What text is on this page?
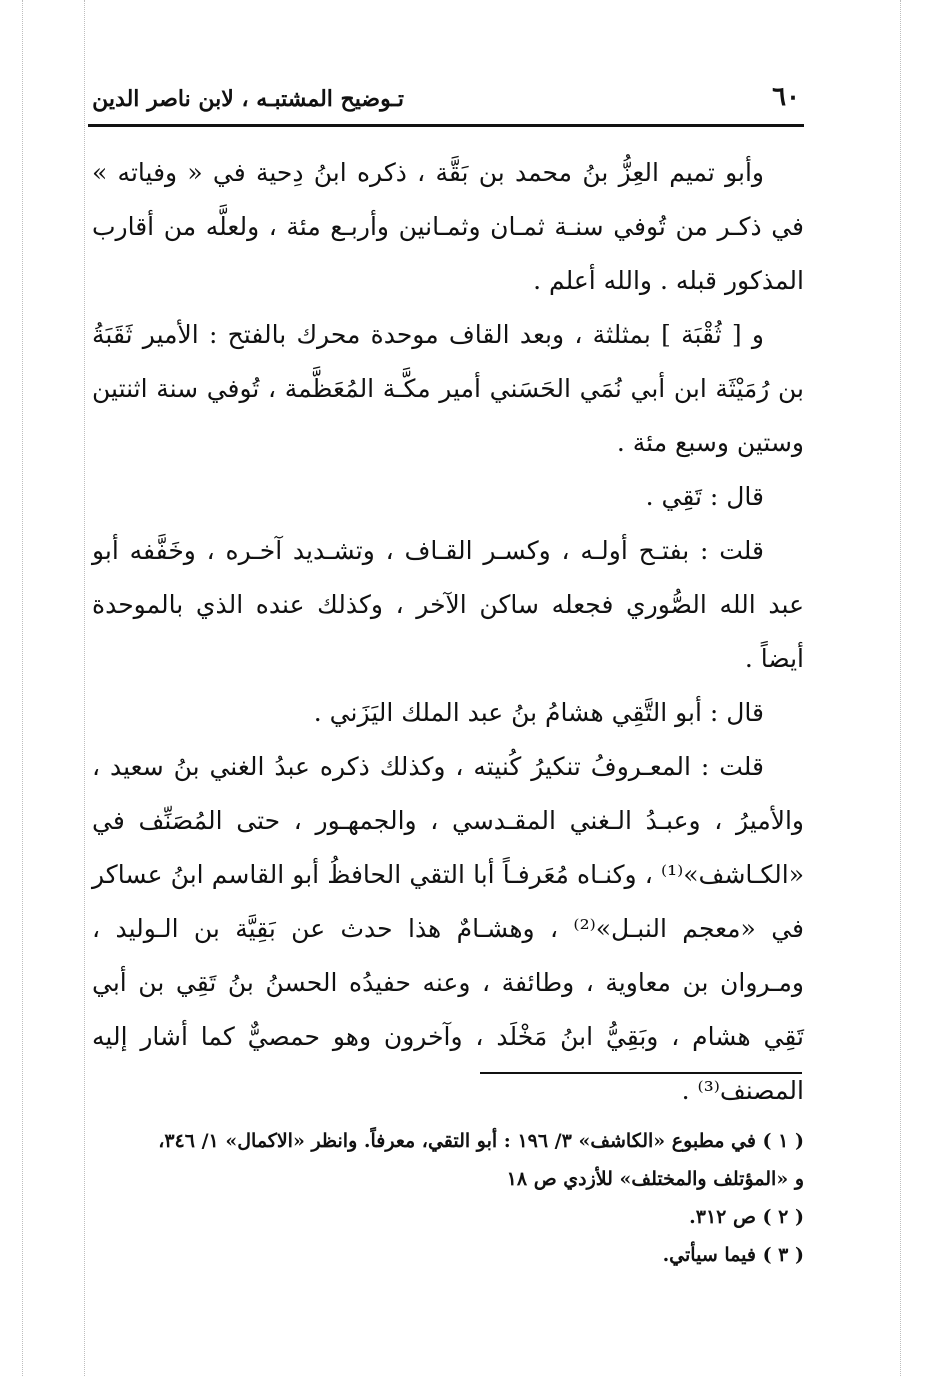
٦٠
تـوضيح المشتبـه ، لابن ناصر الدين

وأبو تميم العِزُّ بنُ محمد بن بَقَّة ، ذكره ابنُ دِحية في « وفياته » في ذكـر من تُوفي سنـة ثمـان وثمـانين وأربـع مئة ، ولعلَّه من أقارب المذكور قبله . والله أعلم .

و [ ثُقْبَة ] بمثلثة ، وبعد القاف موحدة محرك بالفتح : الأمير ثَقَبَةُ بن رُمَيْثَة ابن أبي نُمَي الحَسَني أمير مكَّـة المُعَظَّمة ، تُوفي سنة اثنتين وستين وسبع مئة .

قال : تَقِي .

قلت : بفتـح أولـه ، وكسـر القـاف ، وتشـديد آخـره ، وخَفَّفه أبو عبد الله الصُّوري فجعله ساكن الآخر ، وكذلك عنده الذي بالموحدة أيضاً .

قال : أبو التَّقِي هشامُ بنُ عبد الملك اليَزَني .

قلت : المعـروفُ تنكيرُ كُنيته ، وكذلك ذكره عبدُ الغني بنُ سعيد ، والأميرُ ، وعبـدُ الـغني المقـدسي ، والجمهـور ، حتى المُصَنِّف في «الكـاشف»⁽¹⁾ ، وكنـاه مُعَرفـاً أبا التقي الحافظُ أبو القاسم ابنُ عساكر في «معجم النبـل»⁽²⁾ ، وهشـامٌ هذا حدث عن بَقِيَّة بن الـوليد ، ومـروان بن معاوية ، وطائفة ، وعنه حفيدُه الحسنُ بنُ تَقِي بن أبي تَقِي هشام ، وبَقِيُّ ابنُ مَخْلَد ، وآخرون وهو حمصيٌّ كما أشار إليه المصنف⁽³⁾ .

( ١ ) في مطبوع «الكاشف» ٣/ ١٩٦ : أبو التقي، معرفاً. وانظر «الاكمال» ١/ ٣٤٦،
و «المؤتلف والمختلف» للأزدي ص ١٨
( ٢ ) ص ٣١٢.
( ٣ ) فيما سيأتي.
